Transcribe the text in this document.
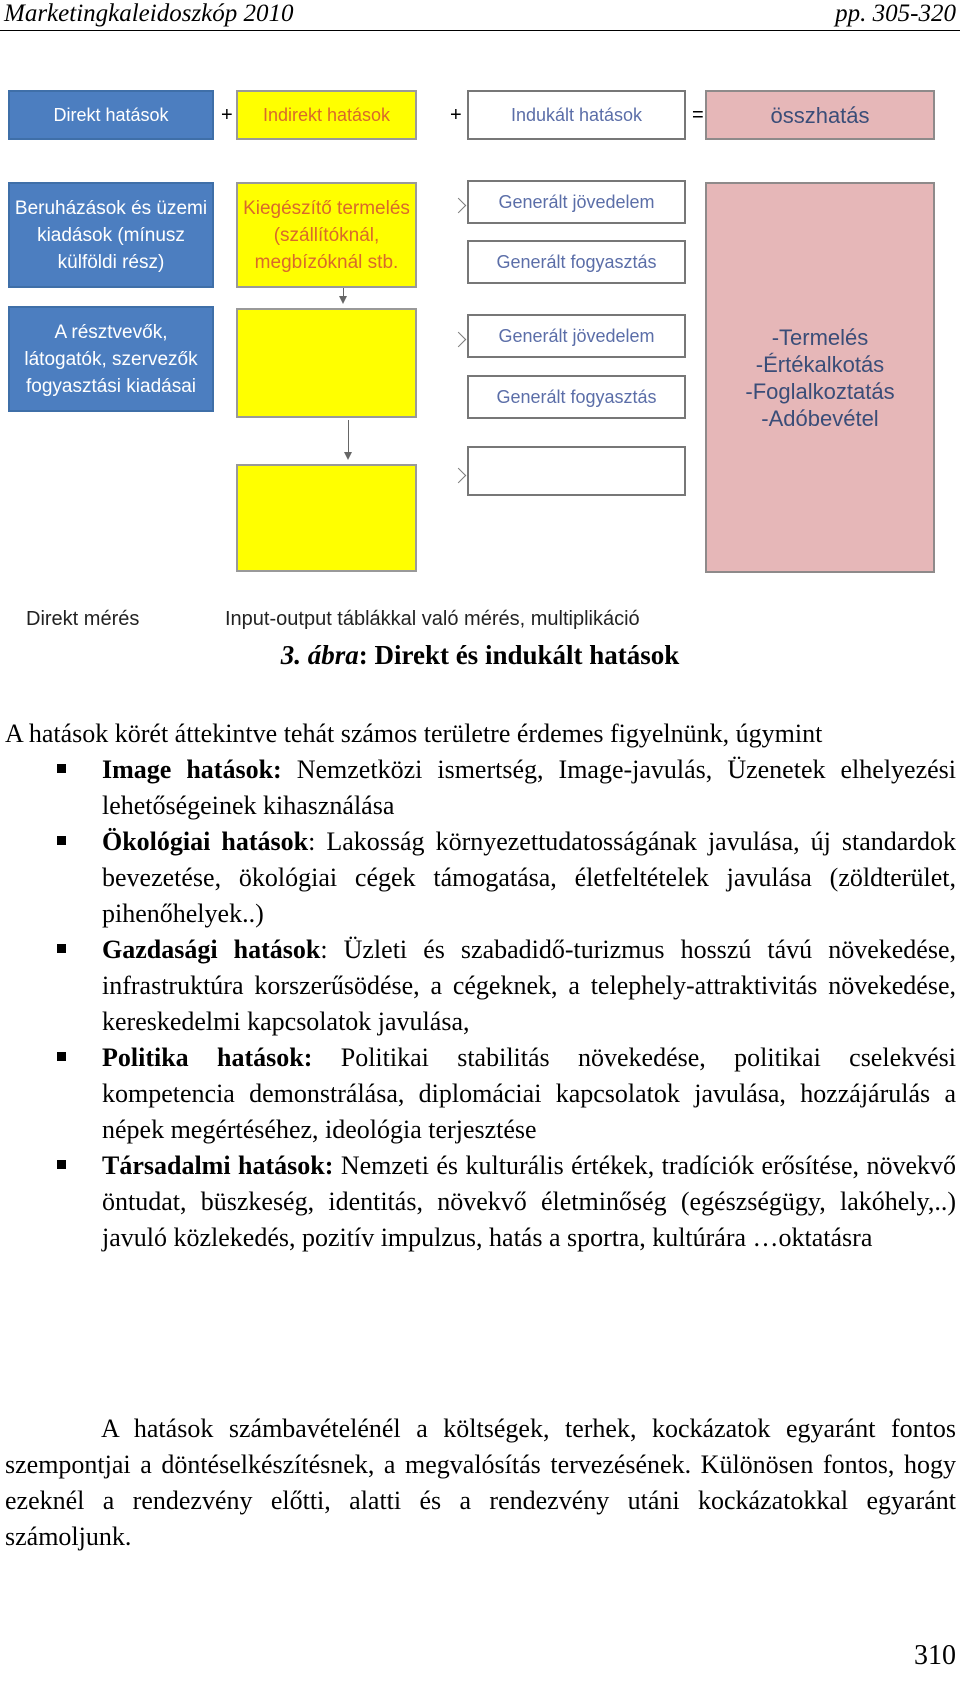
Marketingkaleidoszkóp 2010	pp. 305-320
Direkt hatások	+ Indirekt hatások	+	Indukált hatások =	összhatás
Beruházások és üzemi
kiadások (mínusz
külföldi rész)
A résztvevők,
látogatók, szervezők
fogyasztási kiadásai
Kiegészítő termelés
(szállítóknál,
megbízóknál stb.
Generált jövedelem
Generált fogyasztás
Generált jövedelem
Generált fogyasztás
-Termelés
-Értékalkotás
-Foglalkoztatás
-Adóbevétel
Direkt mérés	Input-output táblákkal való mérés, multiplikáció
3. ábra: Direkt és indukált hatások

A hatások körét áttekintve tehát számos területre érdemes figyelnünk, úgymint

Image hatások: Nemzetközi ismertség, Image-javulás, Üzenetek elhelyezési lehetőségeinek kihasználása
Ökológiai hatások: Lakosság környezettudatosságának javulása, új standardok bevezetése, ökológiai cégek támogatása, életfeltételek javulása (zöldterület, pihenőhelyek..)
Gazdasági hatások: Üzleti és szabadidő-turizmus hosszú távú növekedése, infrastruktúra korszerűsödése, a cégeknek, a telephely-attraktivitás növekedése, kereskedelmi kapcsolatok javulása,
Politika hatások: Politikai stabilitás növekedése, politikai cselekvési kompetencia demonstrálása, diplomáciai kapcsolatok javulása, hozzájárulás a népek megértéséhez, ideológia terjesztése
Társadalmi hatások: Nemzeti és kulturális értékek, tradíciók erősítése, növekvő öntudat, büszkeség, identitás, növekvő életminőség (egészségügy, lakóhely,..) javuló közlekedés, pozitív impulzus, hatás a sportra, kultúrára …oktatásra

A hatások számbavételénél a költségek, terhek, kockázatok egyaránt fontos szempontjai a döntéselkészítésnek, a megvalósítás tervezésének. Különösen fontos, hogy ezeknél a rendezvény előtti, alatti és a rendezvény utáni kockázatokkal egyaránt számoljunk.

310
